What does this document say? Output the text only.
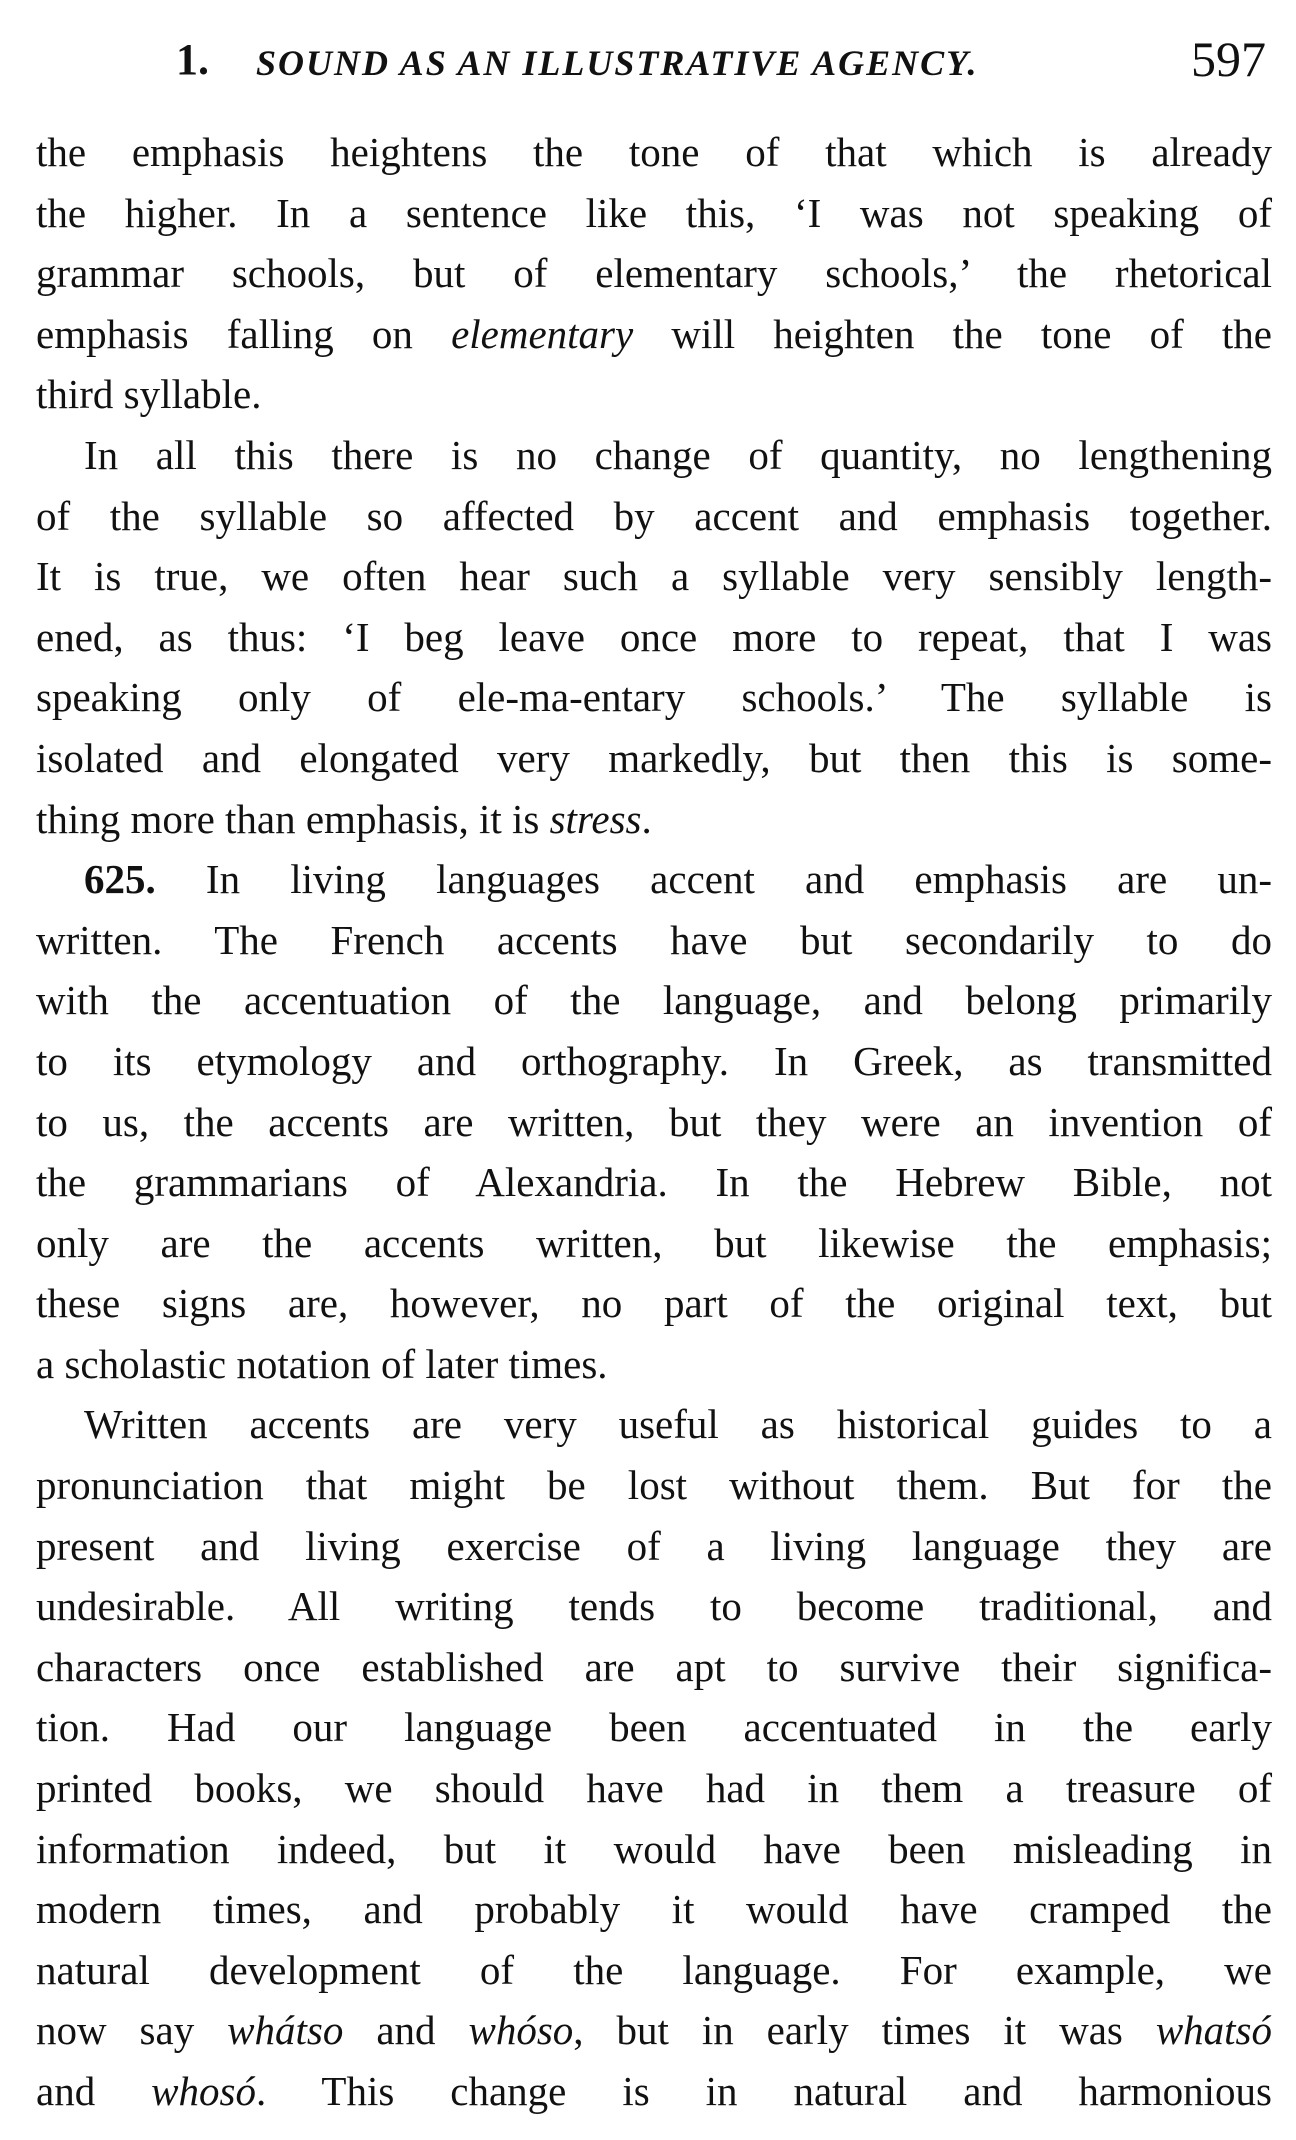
1. SOUND AS AN ILLUSTRATIVE AGENCY.	597
the emphasis heightens the tone of that which is already
the higher. In a sentence like this, ‘I was not speaking of
grammar schools, but of elementary schools,’ the rhetorical
emphasis falling on elementary will heighten the tone of the
third syllable.
In all this there is no change of quantity, no lengthening
of the syllable so affected by accent and emphasis together.
It is true, we often hear such a syllable very sensibly length-
ened, as thus: ‘I beg leave once more to repeat, that I was
speaking only of ele-ma-entary schools.’ The syllable is
isolated and elongated very markedly, but then this is some-
thing more than emphasis, it is stress.
625. In living languages accent and emphasis are un-
written. The French accents have but secondarily to do
with the accentuation of the language, and belong primarily
to its etymology and orthography. In Greek, as transmitted
to us, the accents are written, but they were an invention of
the grammarians of Alexandria. In the Hebrew Bible, not
only are the accents written, but likewise the emphasis;
these signs are, however, no part of the original text, but
a scholastic notation of later times.
Written accents are very useful as historical guides to a
pronunciation that might be lost without them. But for the
present and living exercise of a living language they are
undesirable. All writing tends to become traditional, and
characters once established are apt to survive their significa-
tion. Had our language been accentuated in the early
printed books, we should have had in them a treasure of
information indeed, but it would have been misleading in
modern times, and probably it would have cramped the
natural development of the language. For example, we
now say whátso and whóso, but in early times it was whatsó
and whosó. This change is in natural and harmonious
